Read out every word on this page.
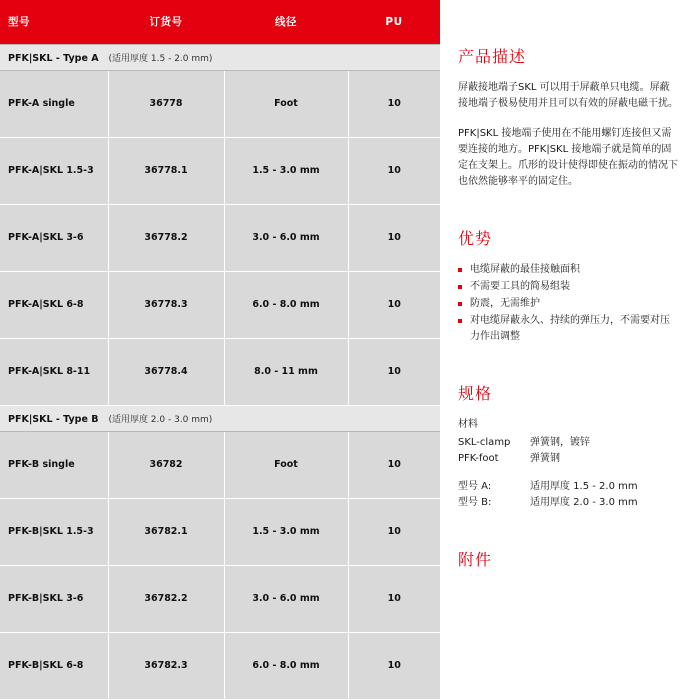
型号	订货号	线径	PU
PFK|SKL - Type A (适用厚度 1.5 - 2.0 mm)			
PFK-A single	36778	Foot	10
PFK-A|SKL 1.5-3	36778.1	1.5 - 3.0 mm	10
PFK-A|SKL 3-6	36778.2	3.0 - 6.0 mm	10
PFK-A|SKL 6-8	36778.3	6.0 - 8.0 mm	10
PFK-A|SKL 8-11	36778.4	8.0 - 11 mm	10
PFK|SKL - Type B (适用厚度 2.0 - 3.0 mm)			
PFK-B single	36782	Foot	10
PFK-B|SKL 1.5-3	36782.1	1.5 - 3.0 mm	10
PFK-B|SKL 3-6	36782.2	3.0 - 6.0 mm	10
PFK-B|SKL 6-8	36782.3	6.0 - 8.0 mm	10
产品描述

屏蔽接地端子SKL 可以用于屏蔽单只电缆。屏蔽接地端子极易使用并且可以有效的屏蔽电磁干扰。

PFK|SKL 接地端子使用在不能用螺钉连接但又需要连接的地方。PFK|SKL 接地端子就是简单的固定在支架上。爪形的设计使得即使在振动的情况下也依然能够率平的固定住。

优势
电缆屏蔽的最佳接触面积
不需要工具的简易组装
防震，无需维护
对电缆屏蔽永久、持续的弹压力，不需要对压力作出调整
规格
材料
SKL-clamp	弹簧钢，镀锌
PFK-foot	弹簧钢
型号 A:	适用厚度 1.5 - 2.0 mm
型号 B:	适用厚度 2.0 - 3.0 mm
附件
